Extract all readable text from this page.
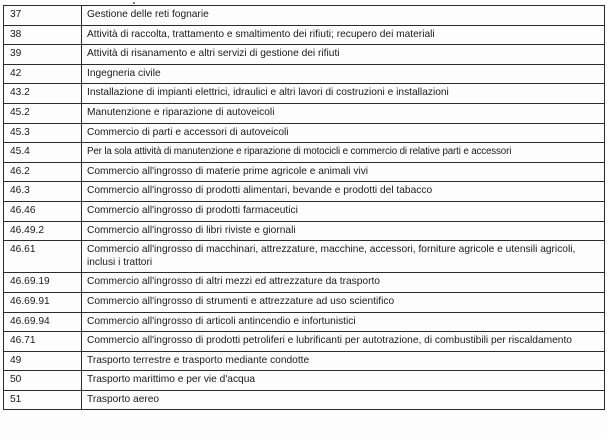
37	Gestione delle reti fognarie
38	Attività di raccolta, trattamento e smaltimento dei rifiuti; recupero dei materiali
39	Attività di risanamento e altri servizi di gestione dei rifiuti
42	Ingegneria civile
43.2	Installazione di impianti elettrici, idraulici e altri lavori di costruzioni e installazioni
45.2	Manutenzione e riparazione di autoveicoli
45.3	Commercio di parti e accessori di autoveicoli
45.4	Per la sola attività di manutenzione e riparazione di motocicli e commercio di relative parti e accessori
46.2	Commercio all'ingrosso di materie prime agricole e animali vivi
46.3	Commercio all'ingrosso di prodotti alimentari, bevande e prodotti del tabacco
46.46	Commercio all'ingrosso di prodotti farmaceutici
46.49.2	Commercio all'ingrosso di libri riviste e giornali
46.61	Commercio all'ingrosso di macchinari, attrezzature, macchine, accessori, forniture agricole e utensili agricoli, inclusi i trattori
46.69.19	Commercio all'ingrosso di altri mezzi ed attrezzature da trasporto
46.69.91	Commercio all'ingrosso di strumenti e attrezzature ad uso scientifico
46.69.94	Commercio all'ingrosso di articoli antincendio e infortunistici
46.71	Commercio all'ingrosso di prodotti petroliferi e lubrificanti per autotrazione, di combustibili per riscaldamento
49	Trasporto terrestre e trasporto mediante condotte
50	Trasporto marittimo e per vie d'acqua
51	Trasporto aereo
